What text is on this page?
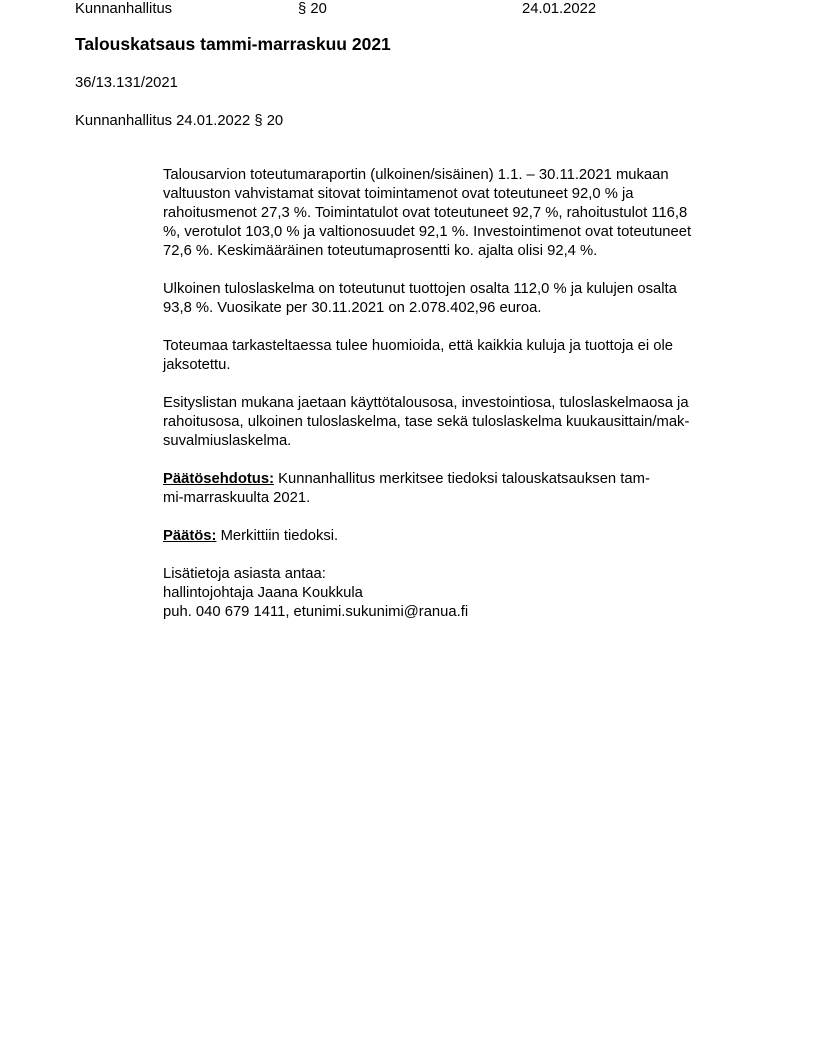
Kunnanhallitus	§ 20	24.01.2022
Talouskatsaus tammi-marraskuu 2021
36/13.131/2021
Kunnanhallitus 24.01.2022 § 20
Talousarvion toteutumaraportin (ulkoinen/sisäinen) 1.1. – 30.11.2021 mukaan
valtuuston vahvistamat sitovat toimintamenot ovat toteutuneet 92,0 % ja
rahoitusmenot 27,3 %. Toimintatulot ovat toteutuneet 92,7 %, rahoitustulot 116,8
%, verotulot 103,0 % ja valtionosuudet 92,1 %. Investointimenot ovat toteutuneet
72,6 %. Keskimääräinen toteutumaprosentti ko. ajalta olisi 92,4 %.
Ulkoinen tuloslaskelma on toteutunut tuottojen osalta 112,0 % ja kulujen osalta
93,8 %. Vuosikate per 30.11.2021 on 2.078.402,96 euroa.
Toteumaa tarkasteltaessa tulee huomioida, että kaikkia kuluja ja tuottoja ei ole
jaksotettu.
Esityslistan mukana jaetaan käyttötalousosa, investointiosa, tuloslaskelmaosa ja
rahoitusosa, ulkoinen tuloslaskelma, tase sekä tuloslaskelma kuukausittain/mak-
suvalmiuslaskelma.
Päätösehdotus: Kunnanhallitus merkitsee tiedoksi talouskatsauksen tam-
mi-marraskuulta 2021.
Päätös: Merkittiin tiedoksi.
Lisätietoja asiasta antaa:
hallintojohtaja Jaana Koukkula
puh. 040 679 1411, etunimi.sukunimi@ranua.fi
